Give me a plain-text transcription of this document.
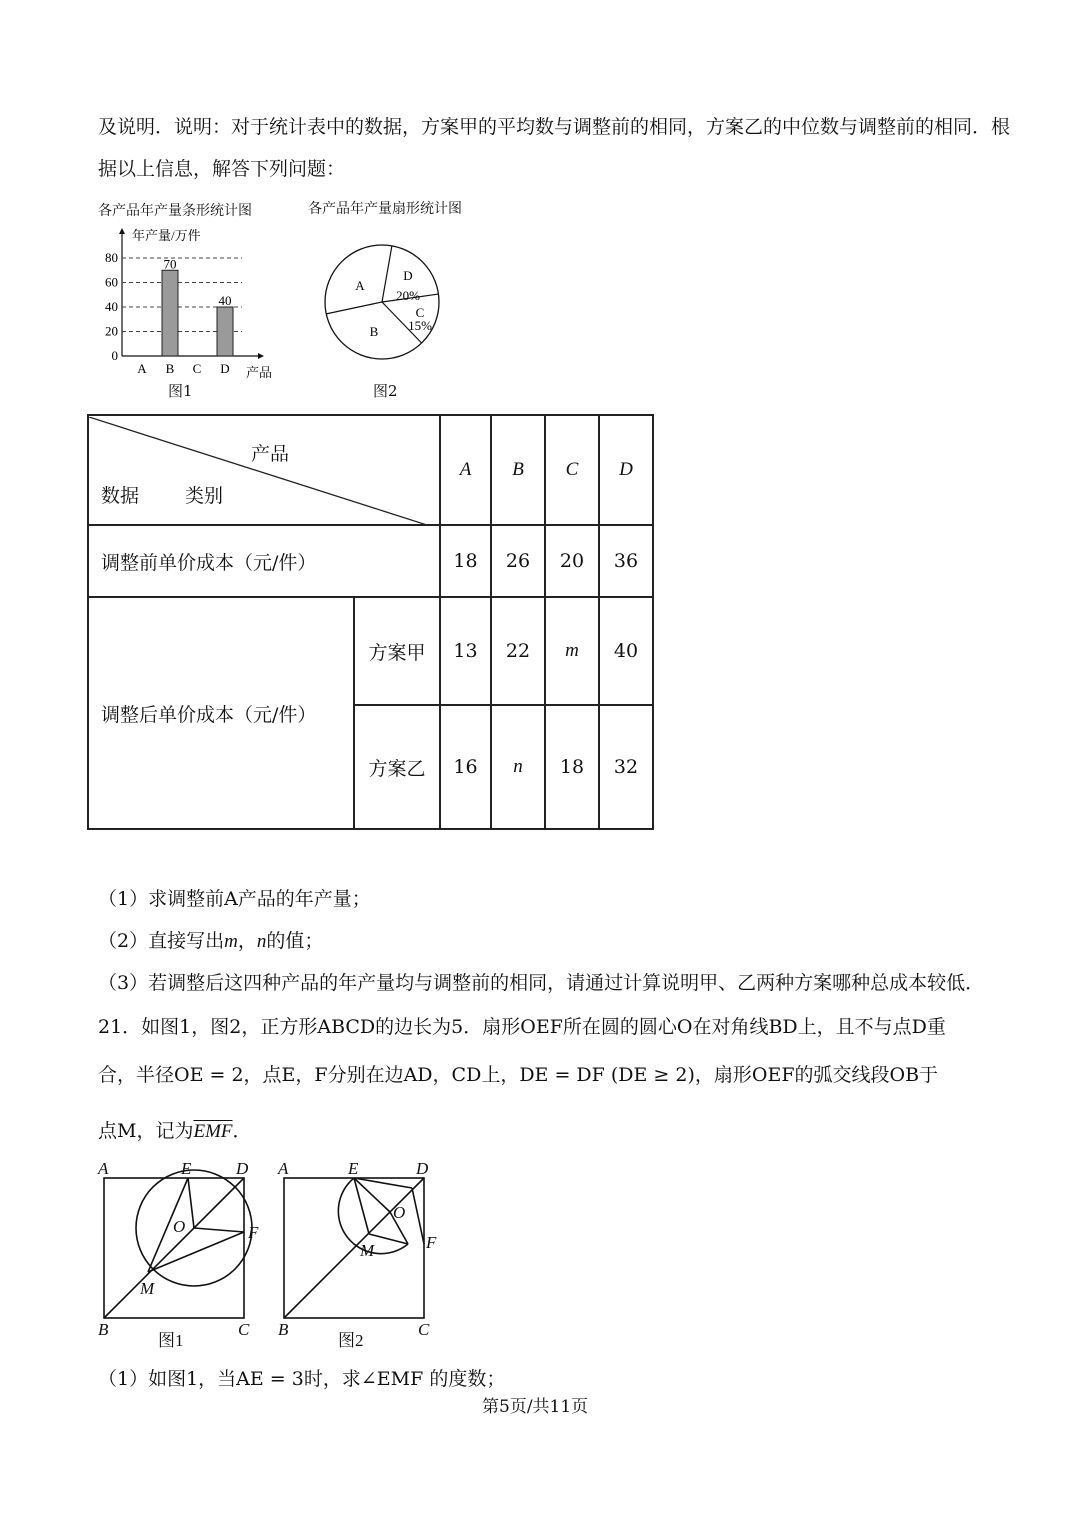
及说明．说明：对于统计表中的数据，方案甲的平均数与调整前的相同，方案乙的中位数与调整前的相同．根
据以上信息，解答下列问题：
各产品年产量条形统计图
年产量/万件
产品
0
20
40
60
80
A B
70
C D
40
图1
各产品年产量扇形统计图
A
D
20%
C
15%
B
图2
产品
数据 类别		A	B	C	D
调整前单价成本（元/件）		18	26	20	36
调整后单价成本（元/件）	方案甲	13	22	m	40
	方案乙	16	n	18	32
（1）求调整前A产品的年产量；
（2）直接写出m，n的值；
（3）若调整后这四种产品的年产量均与调整前的相同，请通过计算说明甲、乙两种方案哪种总成本较低．
21．如图1，图2，正方形ABCD的边长为5．扇形OEF所在圆的圆心O在对角线BD上，且不与点D重
合，半径OE = 2，点E，F分别在边AD，CD上，DE = DF (DE ≥ 2)，扇形OEF的弧交线段OB于
点M，记为$\overline{EMF}$．
A	E	D
O	F
M
B	C
A	E	D
O
F
M
B	C
图1	图2
（1）如图1，当AE = 3时，求∠EMF 的度数；
第5页/共11页
